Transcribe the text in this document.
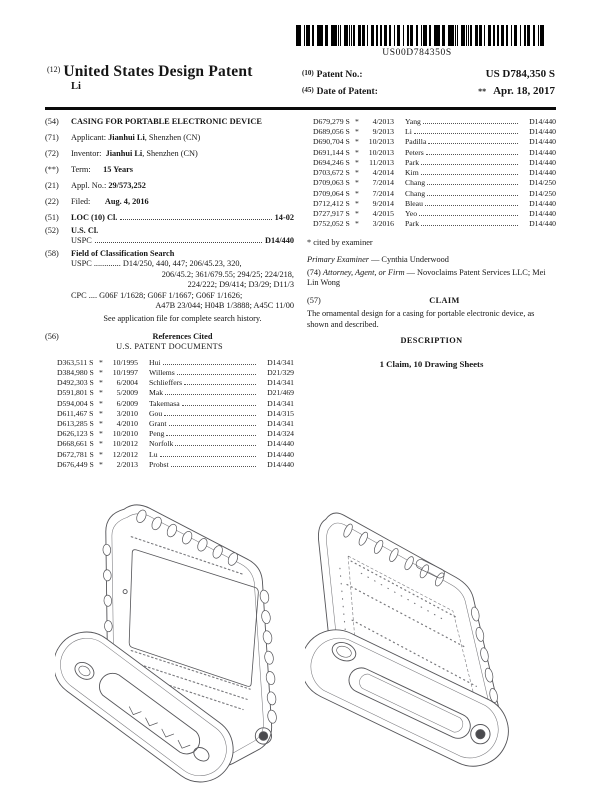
US00D784350S
$^{(12)}$ United States Design Patent
Li
(10) Patent No.:	US D784,350 S
(45) Date of Patent:	** Apr. 18, 2017
(54)	CASING FOR PORTABLE ELECTRONIC DEVICE
(71)	Applicant: Jianhui Li, Shenzhen (CN)
(72)	Inventor: Jianhui Li, Shenzhen (CN)
(**)	Term: 15 Years
(21)	Appl. No.: 29/573,252
(22)	Filed: Aug. 4, 2016
(51)	LOC (10) Cl.	14-02
(52)	U.S. Cl.
USPC	D14/440
(58)	Field of Classification Search
USPC ............. D14/250, 440, 447; 206/45.23, 320,
206/45.2; 361/679.55; 294/25; 224/218,
224/222; D9/414; D3/29; D11/3
CPC .... G06F 1/1628; G06F 1/1667; G06F 1/1626;
A47B 23/044; H04B 1/3888; A45C 11/00
See application file for complete search history.
(56)	References Cited
U.S. PATENT DOCUMENTS
D363,511 S *	10/1995 Hui	D14/341
D384,980 S *	10/1997 Willems	D21/329
D492,303 S *	6/2004 Schlieffers	D14/341
D591,801 S *	5/2009 Mak	D21/469
D594,004 S *	6/2009 Takemasa	D14/341
D611,467 S *	3/2010 Gou	D14/315
D613,285 S *	4/2010 Grant	D14/341
D626,123 S *	10/2010 Peng	D14/324
D668,661 S *	10/2012 Norfolk	D14/440
D672,781 S *	12/2012 Lu	D14/440
D676,449 S *	2/2013 Probst	D14/440
D679,279 S *	4/2013 Yang	D14/440
D689,056 S *	9/2013 Li	D14/440
D690,704 S *	10/2013 Padilla	D14/440
D691,144 S *	10/2013 Peters	D14/440
D694,246 S *	11/2013 Park	D14/440
D703,672 S *	4/2014 Kim	D14/440
D709,063 S *	7/2014 Chang	D14/250
D709,064 S *	7/2014 Chang	D14/250
D712,412 S *	9/2014 Bleau	D14/440
D727,917 S *	4/2015 Yeo	D14/440
D752,052 S *	3/2016 Park	D14/440
* cited by examiner
Primary Examiner — Cynthia Underwood
(74) Attorney, Agent, or Firm — Novoclaims Patent Services LLC; Mei Lin Wong
(57)	CLAIM
The ornamental design for a casing for portable electronic device, as shown and described.
DESCRIPTION
1 Claim, 10 Drawing Sheets
